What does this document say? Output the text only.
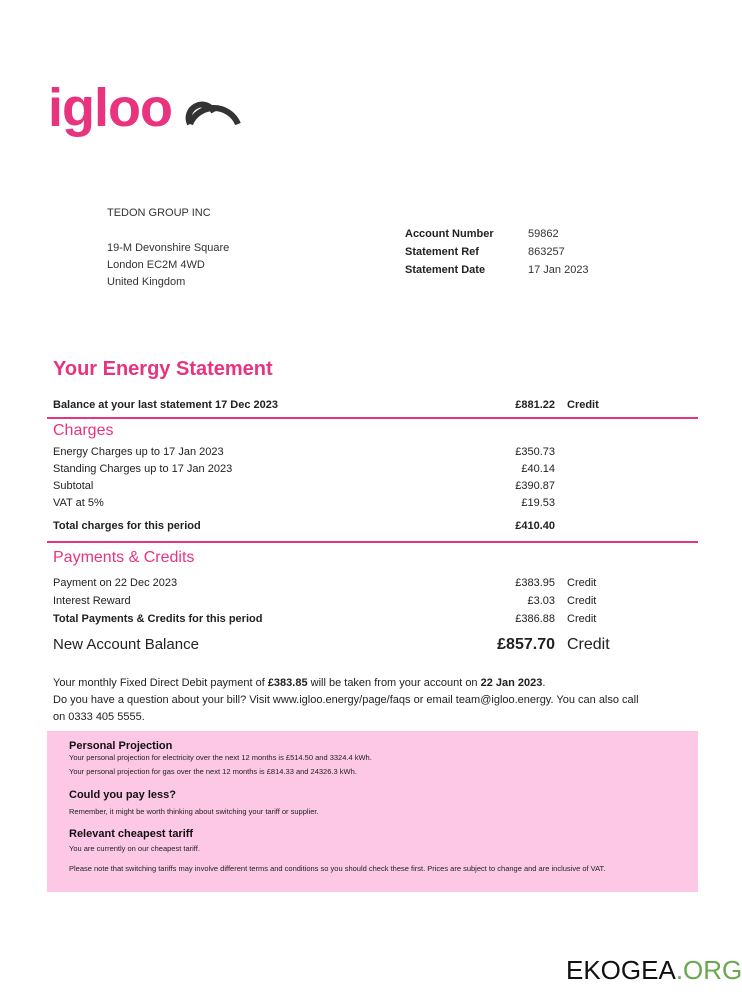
igloo
TEDON GROUP INC
19-M Devonshire Square
London EC2M 4WD
United Kingdom
Account Number	59862
Statement Ref	863257
Statement Date	17 Jan 2023
Your Energy Statement
Balance at your last statement 17 Dec 2023	£881.22 Credit
Charges
Energy Charges up to 17 Jan 2023	£350.73
Standing Charges up to 17 Jan 2023	£40.14
Subtotal	£390.87
VAT at 5%	£19.53
Total charges for this period	£410.40
Payments & Credits
Payment on 22 Dec 2023	£383.95 Credit
Interest Reward	£3.03 Credit
Total Payments & Credits for this period	£386.88 Credit
New Account Balance	£857.70 Credit
Your monthly Fixed Direct Debit payment of £383.85 will be taken from your account on 22 Jan 2023.
Do you have a question about your bill? Visit www.igloo.energy/page/faqs or email team@igloo.energy. You can also call on 0333 405 5555.
Personal Projection
Your personal projection for electricity over the next 12 months is £514.50 and 3324.4 kWh.
Your personal projection for gas over the next 12 months is £814.33 and 24326.3 kWh.
Could you pay less?
Remember, it might be worth thinking about switching your tariff or supplier.
Relevant cheapest tariff
You are currently on our cheapest tariff.
Please note that switching tariffs may involve different terms and conditions so you should check these first. Prices are subject to change and are inclusive of VAT.
EKOGEA.ORG
